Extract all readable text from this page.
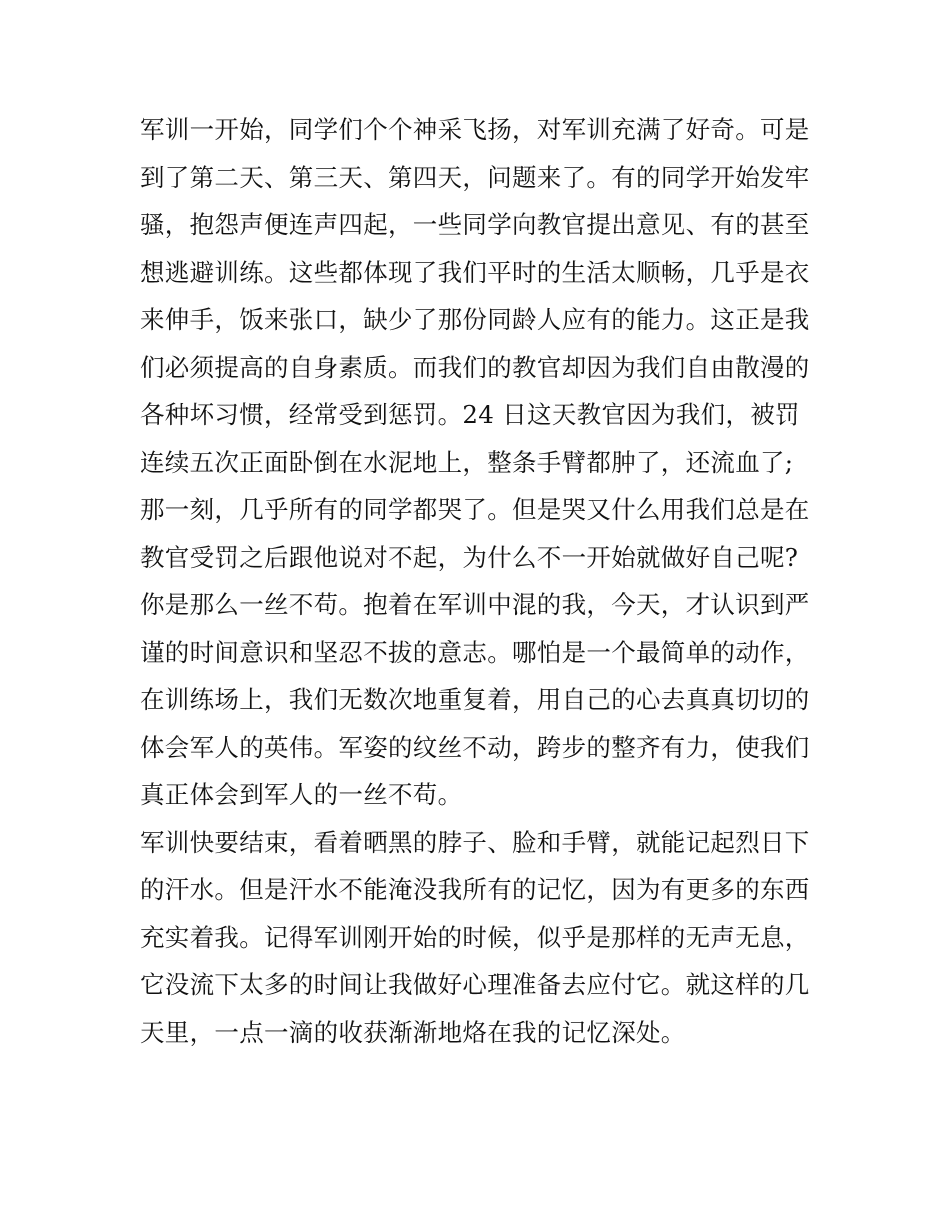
军训一开始，同学们个个神采飞扬，对军训充满了好奇。可是
到了第二天、第三天、第四天，问题来了。有的同学开始发牢
骚，抱怨声便连声四起，一些同学向教官提出意见、有的甚至
想逃避训练。这些都体现了我们平时的生活太顺畅，几乎是衣
来伸手，饭来张口，缺少了那份同龄人应有的能力。这正是我
们必须提高的自身素质。而我们的教官却因为我们自由散漫的
各种坏习惯，经常受到惩罚。24 日这天教官因为我们，被罚
连续五次正面卧倒在水泥地上，整条手臂都肿了，还流血了;
那一刻，几乎所有的同学都哭了。但是哭又什么用我们总是在
教官受罚之后跟他说对不起，为什么不一开始就做好自己呢?
你是那么一丝不苟。抱着在军训中混的我，今天，才认识到严
谨的时间意识和坚忍不拔的意志。哪怕是一个最简单的动作，
在训练场上，我们无数次地重复着，用自己的心去真真切切的
体会军人的英伟。军姿的纹丝不动，跨步的整齐有力，使我们
真正体会到军人的一丝不苟。
军训快要结束，看着晒黑的脖子、脸和手臂，就能记起烈日下
的汗水。但是汗水不能淹没我所有的记忆，因为有更多的东西
充实着我。记得军训刚开始的时候，似乎是那样的无声无息，
它没流下太多的时间让我做好心理准备去应付它。就这样的几
天里，一点一滴的收获渐渐地烙在我的记忆深处。
